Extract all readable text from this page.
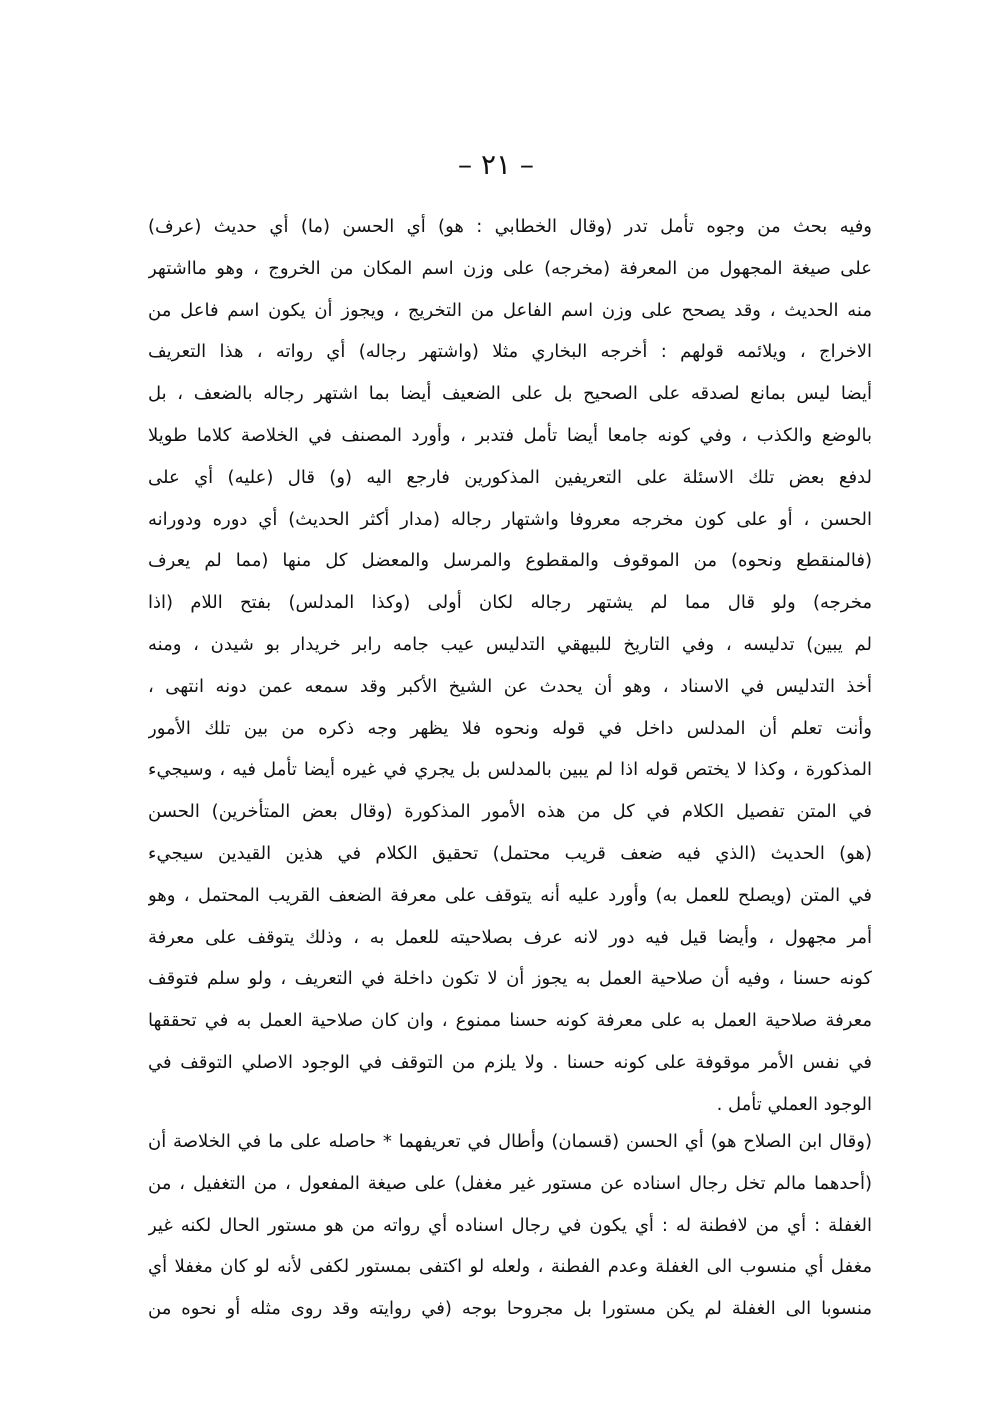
– ٢١ –
وفيه بحث من وجوه تأمل تدر (وقال الخطابي : هو) أي الحسن (ما) أي حديث (عرف)
على صيغة المجهول من المعرفة (مخرجه) على وزن اسم المكان من الخروج ، وهو مااشتهر
منه الحديث ، وقد يصحح على وزن اسم الفاعل من التخريج ، ويجوز أن يكون اسم فاعل من
الاخراج ، ويلائمه قولهم : أخرجه البخاري مثلا (واشتهر رجاله) أي رواته ، هذا التعريف
أيضا ليس بمانع لصدقه على الصحيح بل على الضعيف أيضا بما اشتهر رجاله بالضعف ، بل
بالوضع والكذب ، وفي كونه جامعا أيضا تأمل فتدبر ، وأورد المصنف في الخلاصة كلاما طويلا
لدفع بعض تلك الاسئلة على التعريفين المذكورين فارجع اليه (و) قال (عليه) أي على
الحسن ، أو على كون مخرجه معروفا واشتهار رجاله (مدار أكثر الحديث) أي دوره ودورانه
(فالمنقطع ونحوه) من الموقوف والمقطوع والمرسل والمعضل كل منها (مما لم يعرف
مخرجه) ولو قال مما لم يشتهر رجاله لكان أولى (وكذا المدلس) بفتح اللام (اذا
لم يبين) تدليسه ، وفي التاريخ للبيهقي التدليس عيب جامه رابر خريدار بو شيدن ، ومنه
أخذ التدليس في الاسناد ، وهو أن يحدث عن الشيخ الأكبر وقد سمعه عمن دونه انتهى ،
وأنت تعلم أن المدلس داخل في قوله ونحوه فلا يظهر وجه ذكره من بين تلك الأمور
المذكورة ، وكذا لا يختص قوله اذا لم يبين بالمدلس بل يجري في غيره أيضا تأمل فيه ، وسيجيء
في المتن تفصيل الكلام في كل من هذه الأمور المذكورة (وقال بعض المتأخرين) الحسن
(هو) الحديث (الذي فيه ضعف قريب محتمل) تحقيق الكلام في هذين القيدين سيجيء
في المتن (ويصلح للعمل به) وأورد عليه أنه يتوقف على معرفة الضعف القريب المحتمل ، وهو
أمر مجهول ، وأيضا قيل فيه دور لانه عرف بصلاحيته للعمل به ، وذلك يتوقف على معرفة
كونه حسنا ، وفيه أن صلاحية العمل به يجوز أن لا تكون داخلة في التعريف ، ولو سلم فتوقف
معرفة صلاحية العمل به على معرفة كونه حسنا ممنوع ، وان كان صلاحية العمل به في تحققها
في نفس الأمر موقوفة على كونه حسنا . ولا يلزم من التوقف في الوجود الاصلي التوقف في
الوجود العملي تأمل .
(وقال ابن الصلاح هو) أي الحسن (قسمان) وأطال في تعريفهما * حاصله على ما في الخلاصة أن
(أحدهما مالم تخل رجال اسناده عن مستور غير مغفل) على صيغة المفعول ، من التغفيل ، من
الغفلة : أي من لافطنة له : أي يكون في رجال اسناده أي رواته من هو مستور الحال لكنه غير
مغفل أي منسوب الى الغفلة وعدم الفطنة ، ولعله لو اكتفى بمستور لكفى لأنه لو كان مغفلا أي
منسوبا الى الغفلة لم يكن مستورا بل مجروحا بوجه (في روايته وقد روى مثله أو نحوه من
